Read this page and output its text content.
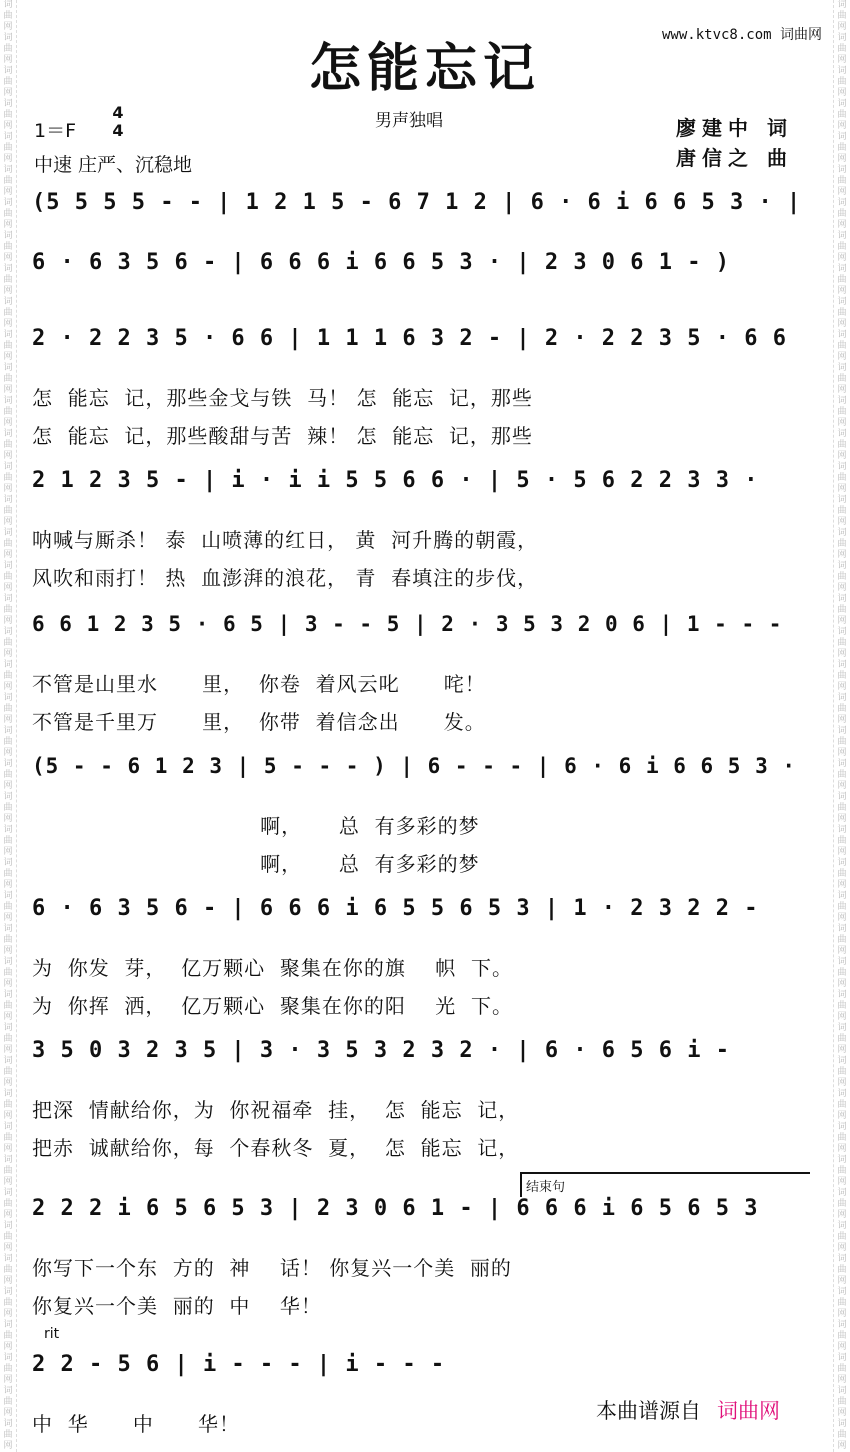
词
曲
网
词
曲
网
词
曲
网
词
曲
网
词
曲
网
词
曲
网
词
曲
网
词
曲
网
词
曲
网
词
曲
网
词
曲
网
词
曲
网
词
曲
网
词
曲
网
词
曲
网
词
曲
网
词
曲
网
词
曲
网
词
曲
网
词
曲
网
词
曲
网
词
曲
网
词
曲
网
词
曲
网
词
曲
网
词
曲
网
词
曲
网
词
曲
网
词
曲
网
词
曲
网
词
曲
网
词
曲
网
词
曲
网
词
曲
网
词
曲
网
词
曲
网
词
曲
网
词
曲
网
词
曲
网
词
曲
网
词
曲
网
词
曲
网
词
曲
网
词
曲
网
词
曲
网
词
曲
网
词
曲
网
词
曲
网
词
曲
网
词
曲
网
词
曲
网
词
曲
网
词
曲
网
词
曲
网
词
曲
网
词
曲
网
词
曲
网
词
曲
网
词
曲
网
词
曲
网
词
曲
网
词
曲
网
词
曲
网
词
曲
网
词
曲
网
词
曲
网
词
曲
网
词
曲
网
词
曲
网
词
曲
网
词
曲
网
词
曲
网
词
曲
网
词
曲
网
词
曲
网
词
曲
网
词
曲
网
词
曲
网
词
曲
网
词
曲
网
词
曲
网
词
曲
网
词
曲
网
词
曲
网
词
曲
网
词
曲
网
词
曲
网
词
曲
网
www.ktvc8.com 词曲网
怎能忘记
男声独唱
1＝F
4
4
中速 庄严、沉稳地
廖建中 词
唐信之 曲
(5 5 5 5 - - | 1 2 1 5 - 6 7 1 2 | 6 · 6 i 6 6 5 3 · |
6 · 6 3 5 6 - | 6 6 6 i 6 6 5 3 · | 2 3 0 6 1 - )
2 · 2 2 3 5 · 6 6 | 1 1 1 6 3 2 - | 2 · 2 2 3 5 · 6 6
怎  能忘  记，那些金戈与铁  马！ 怎  能忘  记，那些
怎  能忘  记，那些酸甜与苦  辣！ 怎  能忘  记，那些
2 1 2 3 5 - | i · i i 5 5 6 6 · | 5 · 5 6 2 2 3 3 ·
呐喊与厮杀！ 泰  山喷薄的红日， 黄  河升腾的朝霞，
风吹和雨打！ 热  血澎湃的浪花， 青  春填注的步伐，
6 6 1 2 3 5 · 6 5 | 3 - - 5 | 2 · 3 5 3 2 0 6 | 1 - - -
不管是山里水      里，  你卷  着风云叱      咤！
不管是千里万      里，  你带  着信念出      发。
(5 - - 6 1 2 3 | 5 - - - ) | 6 - - - | 6 · 6 i 6 6 5 3 ·
啊，     总  有多彩的梦
啊，     总  有多彩的梦
6 · 6 3 5 6 - | 6 6 6 i 6 5 5 6 5 3 | 1 · 2 3 2 2 -
为  你发  芽，  亿万颗心  聚集在你的旗    帜  下。
为  你挥  洒，  亿万颗心  聚集在你的阳    光  下。
3 5 0 3 2 3 5 | 3 · 3 5 3 2 3 2 · | 6 · 6 5 6 i -
把深  情献给你，为  你祝福牵  挂，  怎  能忘  记，
把赤  诚献给你，每  个春秋冬  夏，  怎  能忘  记，
2 2 2 i 6 5 6 5 3 | 2 3 0 6 1 - | 6 6 6 i 6 5 6 5 3
你写下一个东  方的  神    话！ 你复兴一个美  丽的
你复兴一个美  丽的  中    华！
2 2 - 5 6 | i - - - | i - - -
中  华      中      华！
结束句
rit
本曲谱源自 词曲网
